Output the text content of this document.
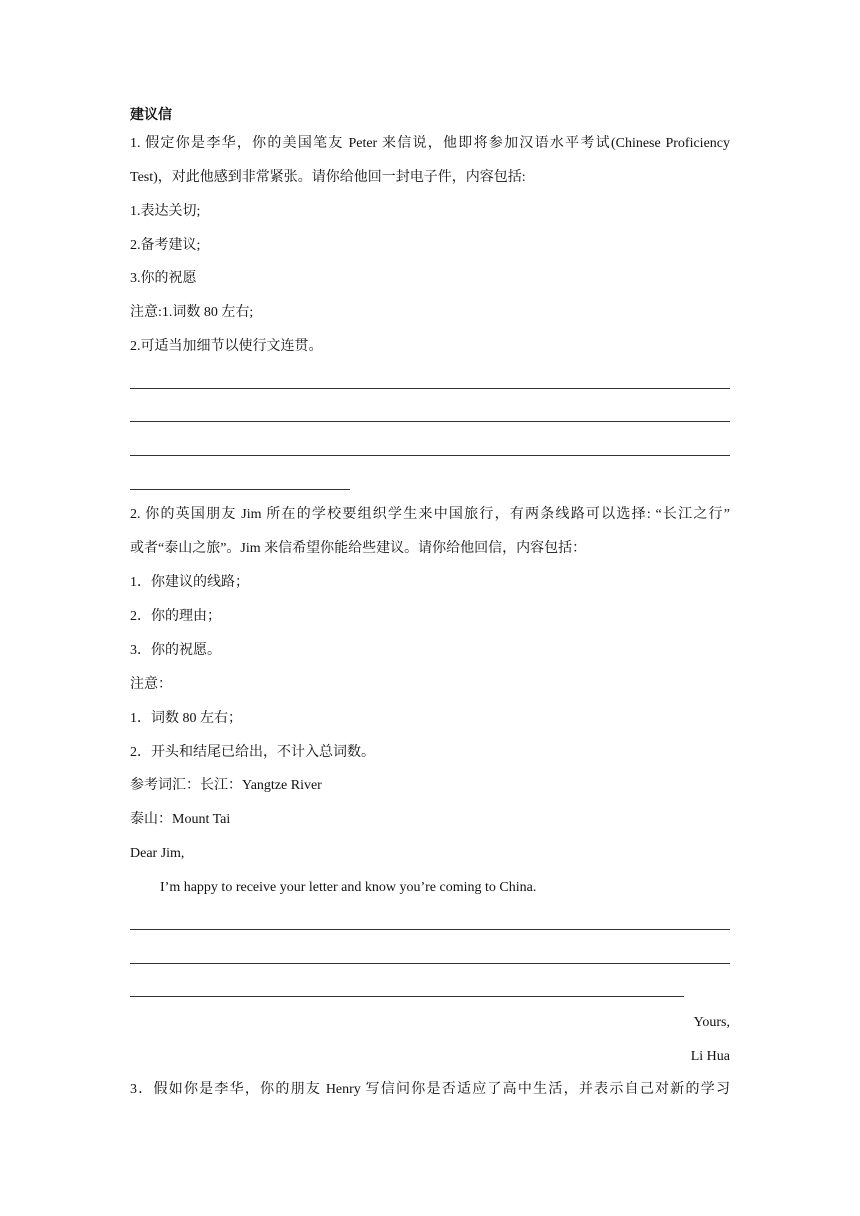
建议信
1. 假定你是李华，你的美国笔友 Peter 来信说，他即将参加汉语水平考试(Chinese Proficiency
Test)，对此他感到非常紧张。请你给他回一封电子件，内容包括:
1.表达关切;
2.备考建议;
3.你的祝愿
注意:1.词数 80 左右;
2.可适当加细节以使行文连贯。
2. 你的英国朋友 Jim 所在的学校要组织学生来中国旅行，有两条线路可以选择: “长江之行”
或者“泰山之旅”。Jim 来信希望你能给些建议。请你给他回信，内容包括：
1．你建议的线路；
2．你的理由；
3．你的祝愿。
注意：
1．词数 80 左右；
2．开头和结尾已给出，不计入总词数。
参考词汇：长江：Yangtze River
泰山：Mount Tai
Dear Jim,
I’m happy to receive your letter and know you’re coming to China.
Yours,
Li Hua
3．假如你是李华，你的朋友 Henry 写信问你是否适应了高中生活，并表示自己对新的学习
